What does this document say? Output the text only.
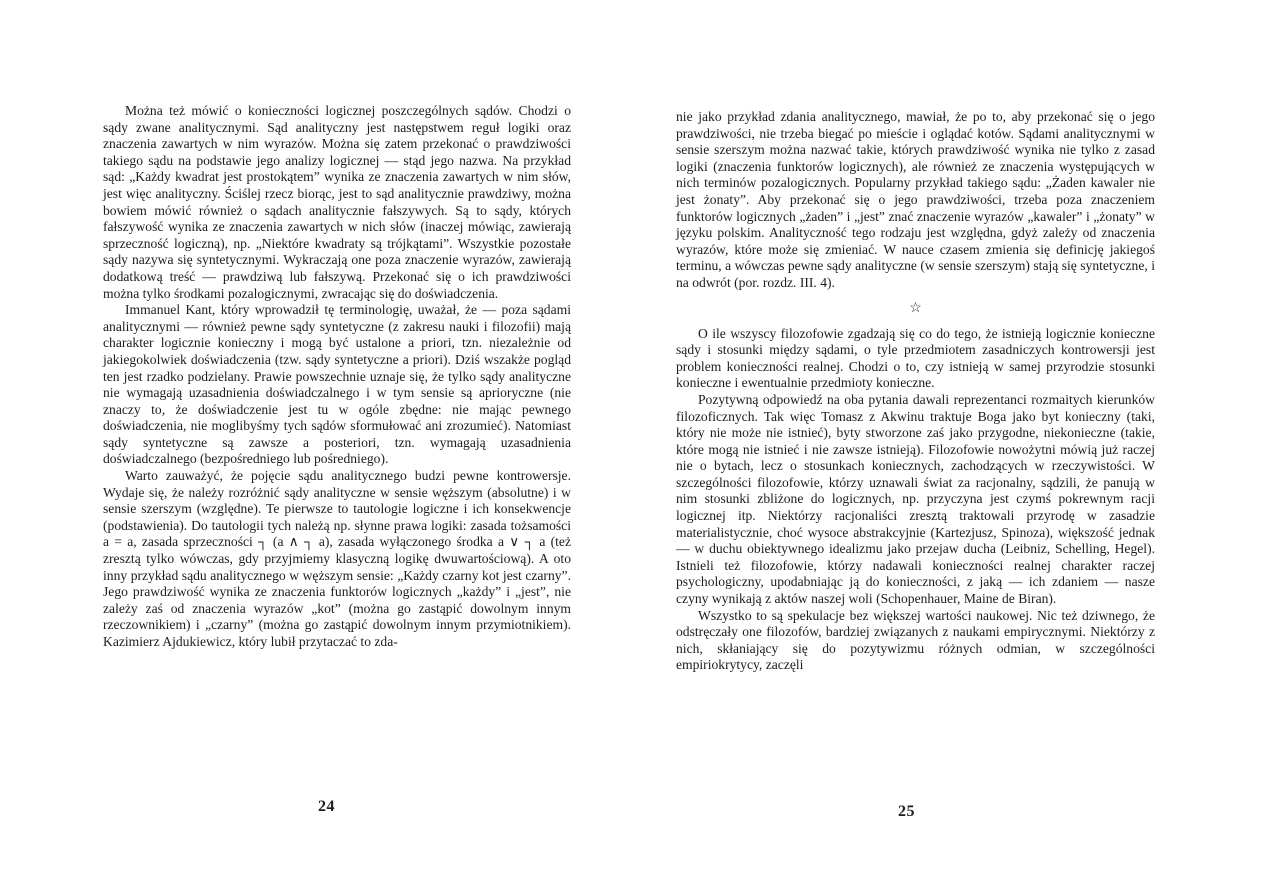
Można też mówić o konieczności logicznej poszczególnych sądów. Chodzi o sądy zwane analitycznymi. Sąd analityczny jest następstwem reguł logiki oraz znaczenia zawartych w nim wyrazów. Można się zatem przekonać o prawdziwości takiego sądu na podstawie jego analizy logicznej — stąd jego nazwa. Na przykład sąd: „Każdy kwadrat jest prostokątem” wynika ze znaczenia zawartych w nim słów, jest więc analityczny. Ściślej rzecz biorąc, jest to sąd analitycznie prawdziwy, można bowiem mówić również o sądach analitycznie fałszywych. Są to sądy, których fałszywość wynika ze znaczenia zawartych w nich słów (inaczej mówiąc, zawierają sprzeczność logiczną), np. „Niektóre kwadraty są trójkątami”. Wszystkie pozostałe sądy nazywa się syntetycznymi. Wykraczają one poza znaczenie wyrazów, zawierają dodatkową treść — prawdziwą lub fałszywą. Przekonać się o ich prawdziwości można tylko środkami pozalogicznymi, zwracając się do doświadczenia.

Immanuel Kant, który wprowadził tę terminologię, uważał, że — poza sądami analitycznymi — również pewne sądy syntetyczne (z zakresu nauki i filozofii) mają charakter logicznie konieczny i mogą być ustalone a priori, tzn. niezależnie od jakiegokolwiek doświadczenia (tzw. sądy syntetyczne a priori). Dziś wszakże pogląd ten jest rzadko podzielany. Prawie powszechnie uznaje się, że tylko sądy analityczne nie wymagają uzasadnienia doświadczalnego i w tym sensie są aprioryczne (nie znaczy to, że doświadczenie jest tu w ogóle zbędne: nie mając pewnego doświadczenia, nie moglibyśmy tych sądów sformułować ani zrozumieć). Natomiast sądy syntetyczne są zawsze a posteriori, tzn. wymagają uzasadnienia doświadczalnego (bezpośredniego lub pośredniego).

Warto zauważyć, że pojęcie sądu analitycznego budzi pewne kontrowersje. Wydaje się, że należy rozróżnić sądy analityczne w sensie węższym (absolutne) i w sensie szerszym (względne). Te pierwsze to tautologie logiczne i ich konsekwencje (podstawienia). Do tautologii tych należą np. słynne prawa logiki: zasada tożsamości a = a, zasada sprzeczności ┐ (a ∧ ┐ a), zasada wyłączonego środka a ∨ ┐ a (też zresztą tylko wówczas, gdy przyjmiemy klasyczną logikę dwuwartościową). A oto inny przykład sądu analitycznego w węższym sensie: „Każdy czarny kot jest czarny”. Jego prawdziwość wynika ze znaczenia funktorów logicznych „każdy” i „jest”, nie zależy zaś od znaczenia wyrazów „kot” (można go zastąpić dowolnym innym rzeczownikiem) i „czarny” (można go zastąpić dowolnym innym przymiotnikiem). Kazimierz Ajdukiewicz, który lubił przytaczać to zda-

24

nie jako przykład zdania analitycznego, mawiał, że po to, aby przekonać się o jego prawdziwości, nie trzeba biegać po mieście i oglądać kotów. Sądami analitycznymi w sensie szerszym można nazwać takie, których prawdziwość wynika nie tylko z zasad logiki (znaczenia funktorów logicznych), ale również ze znaczenia występujących w nich terminów pozalogicznych. Popularny przykład takiego sądu: „Żaden kawaler nie jest żonaty”. Aby przekonać się o jego prawdziwości, trzeba poza znaczeniem funktorów logicznych „żaden” i „jest” znać znaczenie wyrazów „kawaler” i „żonaty” w języku polskim. Analityczność tego rodzaju jest względna, gdyż zależy od znaczenia wyrazów, które może się zmieniać. W nauce czasem zmienia się definicję jakiegoś terminu, a wówczas pewne sądy analityczne (w sensie szerszym) stają się syntetyczne, i na odwrót (por. rozdz. III. 4).

☆

O ile wszyscy filozofowie zgadzają się co do tego, że istnieją logicznie konieczne sądy i stosunki między sądami, o tyle przedmiotem zasadniczych kontrowersji jest problem konieczności realnej. Chodzi o to, czy istnieją w samej przyrodzie stosunki konieczne i ewentualnie przedmioty konieczne.

Pozytywną odpowiedź na oba pytania dawali reprezentanci rozmaitych kierunków filozoficznych. Tak więc Tomasz z Akwinu traktuje Boga jako byt konieczny (taki, który nie może nie istnieć), byty stworzone zaś jako przygodne, niekonieczne (takie, które mogą nie istnieć i nie zawsze istnieją). Filozofowie nowożytni mówią już raczej nie o bytach, lecz o stosunkach koniecznych, zachodzących w rzeczywistości. W szczególności filozofowie, którzy uznawali świat za racjonalny, sądzili, że panują w nim stosunki zbliżone do logicznych, np. przyczyna jest czymś pokrewnym racji logicznej itp. Niektórzy racjonaliści zresztą traktowali przyrodę w zasadzie materialistycznie, choć wysoce abstrakcyjnie (Kartezjusz, Spinoza), większość jednak — w duchu obiektywnego idealizmu jako przejaw ducha (Leibniz, Schelling, Hegel). Istnieli też filozofowie, którzy nadawali konieczności realnej charakter raczej psychologiczny, upodabniając ją do konieczności, z jaką — ich zdaniem — nasze czyny wynikają z aktów naszej woli (Schopenhauer, Maine de Biran).

Wszystko to są spekulacje bez większej wartości naukowej. Nic też dziwnego, że odstręczały one filozofów, bardziej związanych z naukami empirycznymi. Niektórzy z nich, skłaniający się do pozytywizmu różnych odmian, w szczególności empiriokrytycy, zaczęli

25
